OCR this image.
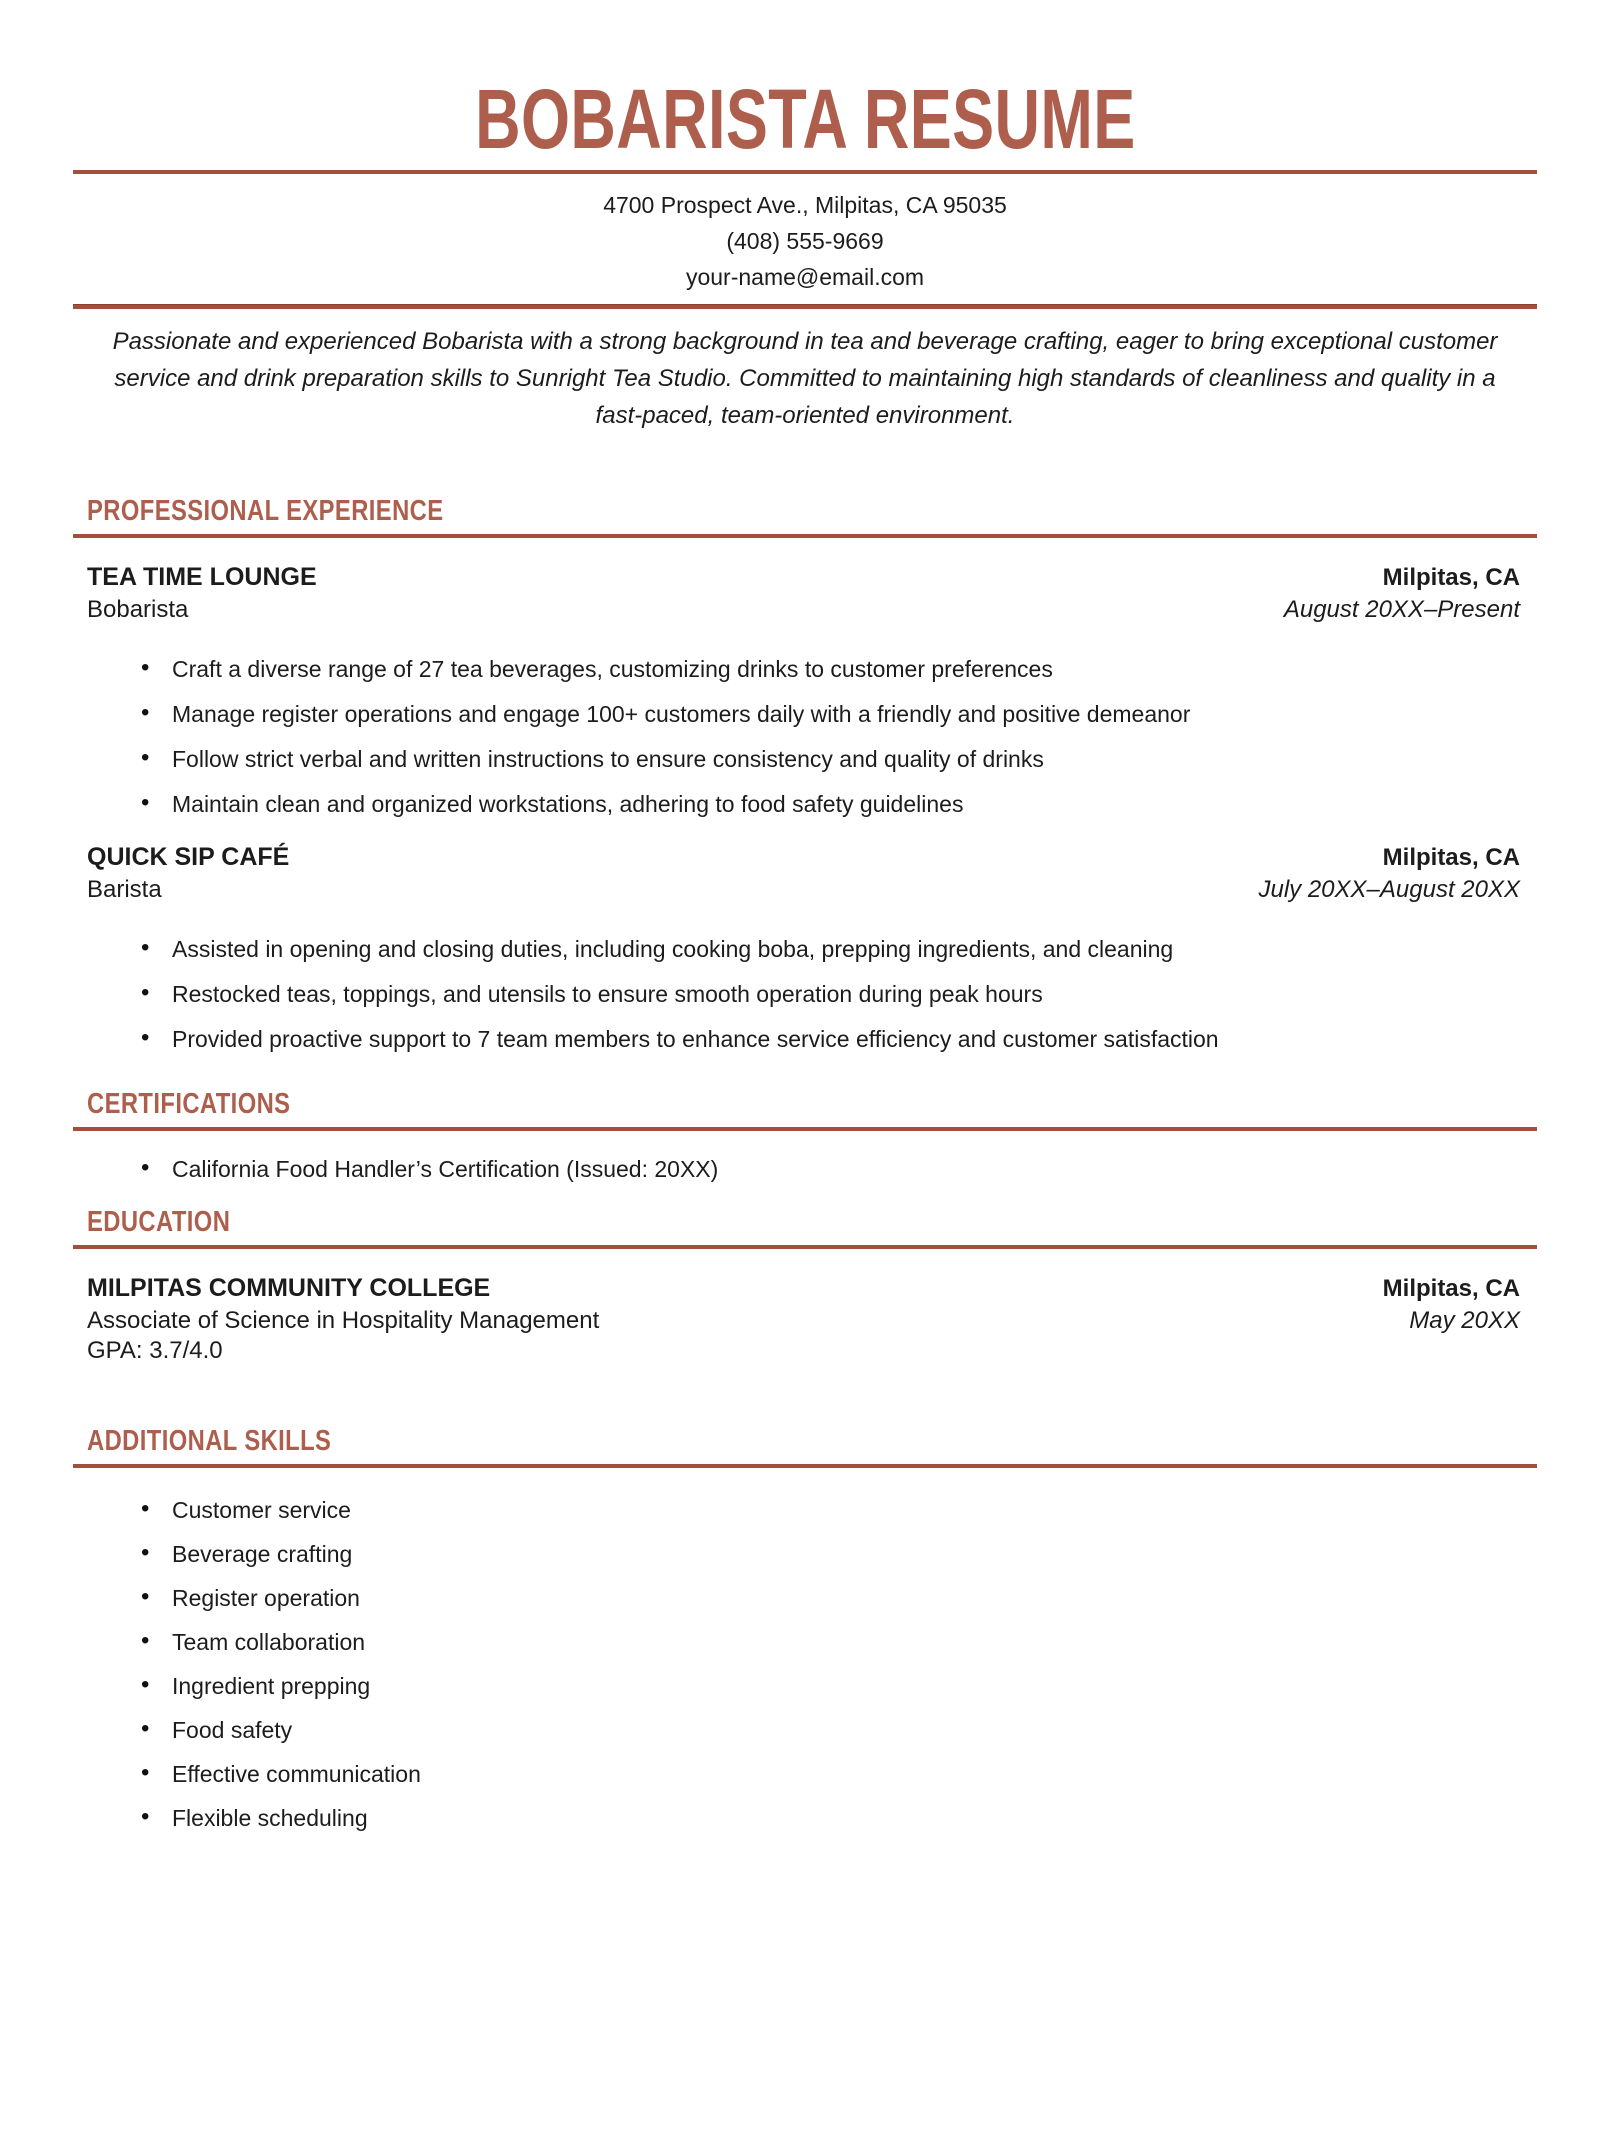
BOBARISTA RESUME
4700 Prospect Ave., Milpitas, CA 95035
(408) 555-9669
your-name@email.com
Passionate and experienced Bobarista with a strong background in tea and beverage crafting, eager to bring exceptional customer service and drink preparation skills to Sunright Tea Studio. Committed to maintaining high standards of cleanliness and quality in a fast-paced, team-oriented environment.
PROFESSIONAL EXPERIENCE
TEA TIME LOUNGE	Milpitas, CA
Bobarista	August 20XX–Present
• Craft a diverse range of 27 tea beverages, customizing drinks to customer preferences
• Manage register operations and engage 100+ customers daily with a friendly and positive demeanor
• Follow strict verbal and written instructions to ensure consistency and quality of drinks
• Maintain clean and organized workstations, adhering to food safety guidelines
QUICK SIP CAFÉ	Milpitas, CA
Barista	July 20XX–August 20XX
• Assisted in opening and closing duties, including cooking boba, prepping ingredients, and cleaning
• Restocked teas, toppings, and utensils to ensure smooth operation during peak hours
• Provided proactive support to 7 team members to enhance service efficiency and customer satisfaction
CERTIFICATIONS
• California Food Handler’s Certification (Issued: 20XX)
EDUCATION
MILPITAS COMMUNITY COLLEGE	Milpitas, CA
Associate of Science in Hospitality Management	May 20XX
GPA: 3.7/4.0
ADDITIONAL SKILLS
• Customer service
• Beverage crafting
• Register operation
• Team collaboration
• Ingredient prepping
• Food safety
• Effective communication
• Flexible scheduling
